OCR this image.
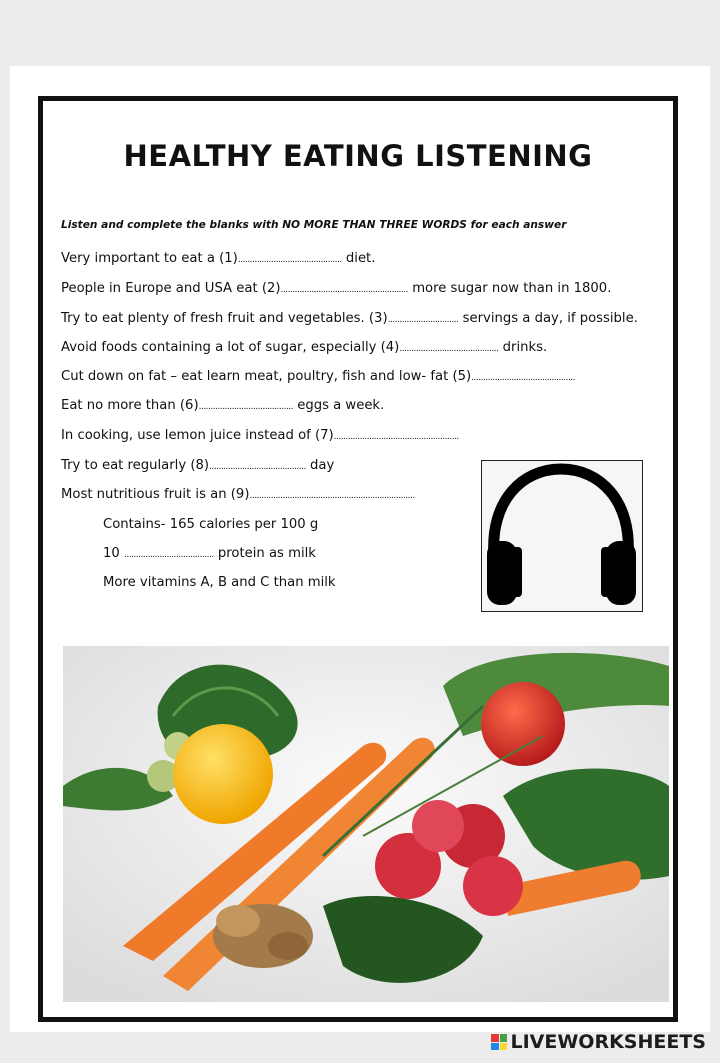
HEALTHY EATING LISTENING
Listen and complete the blanks with NO MORE THAN THREE WORDS for each answer
Very important to eat a (1)............................................ diet.
People in Europe and USA eat (2)...................................................... more sugar now than in 1800.
Try to eat plenty of fresh fruit and vegetables. (3).............................. servings a day, if possible.
Avoid foods containing a lot of sugar, especially (4).......................................... drinks.
Cut down on fat – eat learn meat, poultry, fish and low- fat (5)............................................
Eat no more than (6)........................................ eggs a week.
In cooking, use lemon juice instead of (7).....................................................
Try to eat regularly (8)......................................... day
Most nutritious fruit is an (9)......................................................................
Contains- 165 calories per 100 g
10 ...................................... protein as milk
More vitamins A, B and C than milk
LIVEWORKSHEETS
